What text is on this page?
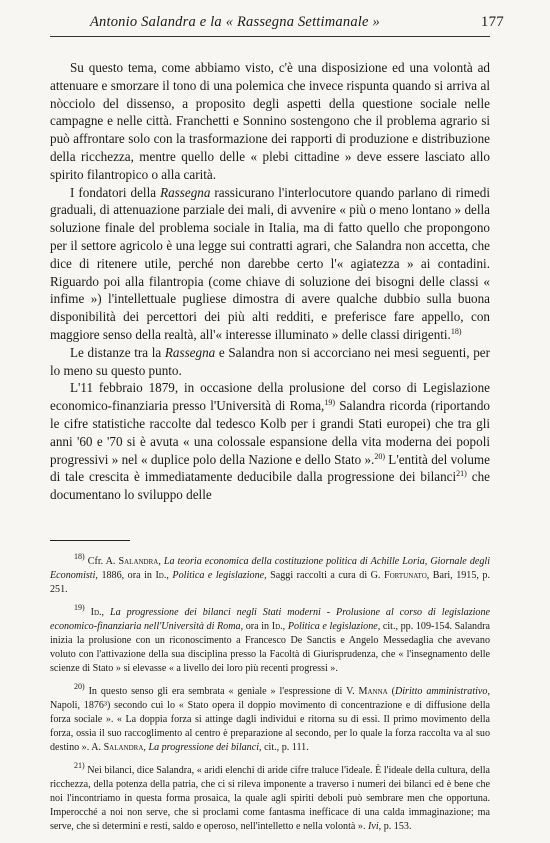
Antonio Salandra e la « Rassegna Settimanale »	177

Su questo tema, come abbiamo visto, c'è una disposizione ed una volontà ad attenuare e smorzare il tono di una polemica che invece rispunta quando si arriva al nòcciolo del dissenso, a proposito degli aspetti della questione sociale nelle campagne e nelle città. Franchetti e Sonnino sostengono che il problema agrario si può affrontare solo con la trasformazione dei rapporti di produzione e distribuzione della ricchezza, mentre quello delle « plebi cittadine » deve essere lasciato allo spirito filantropico o alla carità.

I fondatori della Rassegna rassicurano l'interlocutore quando parlano di rimedi graduali, di attenuazione parziale dei mali, di avvenire « più o meno lontano » della soluzione finale del problema sociale in Italia, ma di fatto quello che propongono per il settore agricolo è una legge sui contratti agrari, che Salandra non accetta, che dice di ritenere utile, perché non darebbe certo l'« agiatezza » ai contadini. Riguardo poi alla filantropia (come chiave di soluzione dei bisogni delle classi « infime ») l'intellettuale pugliese dimostra di avere qualche dubbio sulla buona disponibilità dei percettori dei più alti redditi, e preferisce fare appello, con maggiore senso della realtà, all'« interesse illuminato » delle classi dirigenti.$^{18)}$

Le distanze tra la Rassegna e Salandra non si accorciano nei mesi seguenti, per lo meno su questo punto.

L'11 febbraio 1879, in occasione della prolusione del corso di Legislazione economico-finanziaria presso l'Università di Roma,$^{19)}$ Salandra ricorda (riportando le cifre statistiche raccolte dal tedesco Kolb per i grandi Stati europei) che tra gli anni '60 e '70 si è avuta « una colossale espansione della vita moderna dei popoli progressivi » nel « duplice polo della Nazione e dello Stato ».$^{20)}$ L'entità del volume di tale crescita è immediatamente deducibile dalla progressione dei bilanci$^{21)}$ che documentano lo sviluppo delle

$^{18)}$ Cfr. A. Salandra, La teoria economica della costituzione politica di Achille Loria, Giornale degli Economisti, 1886, ora in Id., Politica e legislazione, Saggi raccolti a cura di G. Fortunato, Bari, 1915, p. 251.

$^{19)}$ Id., La progressione dei bilanci negli Stati moderni - Prolusione al corso di legislazione economico-finanziaria nell'Università di Roma, ora in Id., Politica e legislazione, cit., pp. 109-154. Salandra inizia la prolusione con un riconoscimento a Francesco De Sanctis e Angelo Messedaglia che avevano voluto con l'attivazione della sua disciplina presso la Facoltà di Giurisprudenza, che « l'insegnamento delle scienze di Stato » si elevasse « a livello dei loro più recenti progressi ».

$^{20)}$ In questo senso gli era sembrata « geniale » l'espressione di V. Manna (Diritto amministrativo, Napoli, 1876³) secondo cui lo « Stato opera il doppio movimento di concentrazione e di diffusione della forza sociale ». « La doppia forza si attinge dagli individui e ritorna su di essi. Il primo movimento della forza, ossia il suo raccoglimento al centro è preparazione al secondo, per lo quale la forza raccolta va al suo destino ». A. Salandra, La progressione dei bilanci, cit., p. 111.

$^{21)}$ Nei bilanci, dice Salandra, « aridi elenchi di aride cifre traluce l'ideale. È l'ideale della cultura, della ricchezza, della potenza della patria, che ci si rileva imponente a traverso i numeri dei bilanci ed è bene che noi l'incontriamo in questa forma prosaica, la quale agli spiriti deboli può sembrare men che opportuna. Imperocché a noi non serve, che si proclami come fantasma inefficace di una calda immaginazione; ma serve, che si determini e resti, saldo e operoso, nell'intelletto e nella volontà ». Ivi, p. 153.
